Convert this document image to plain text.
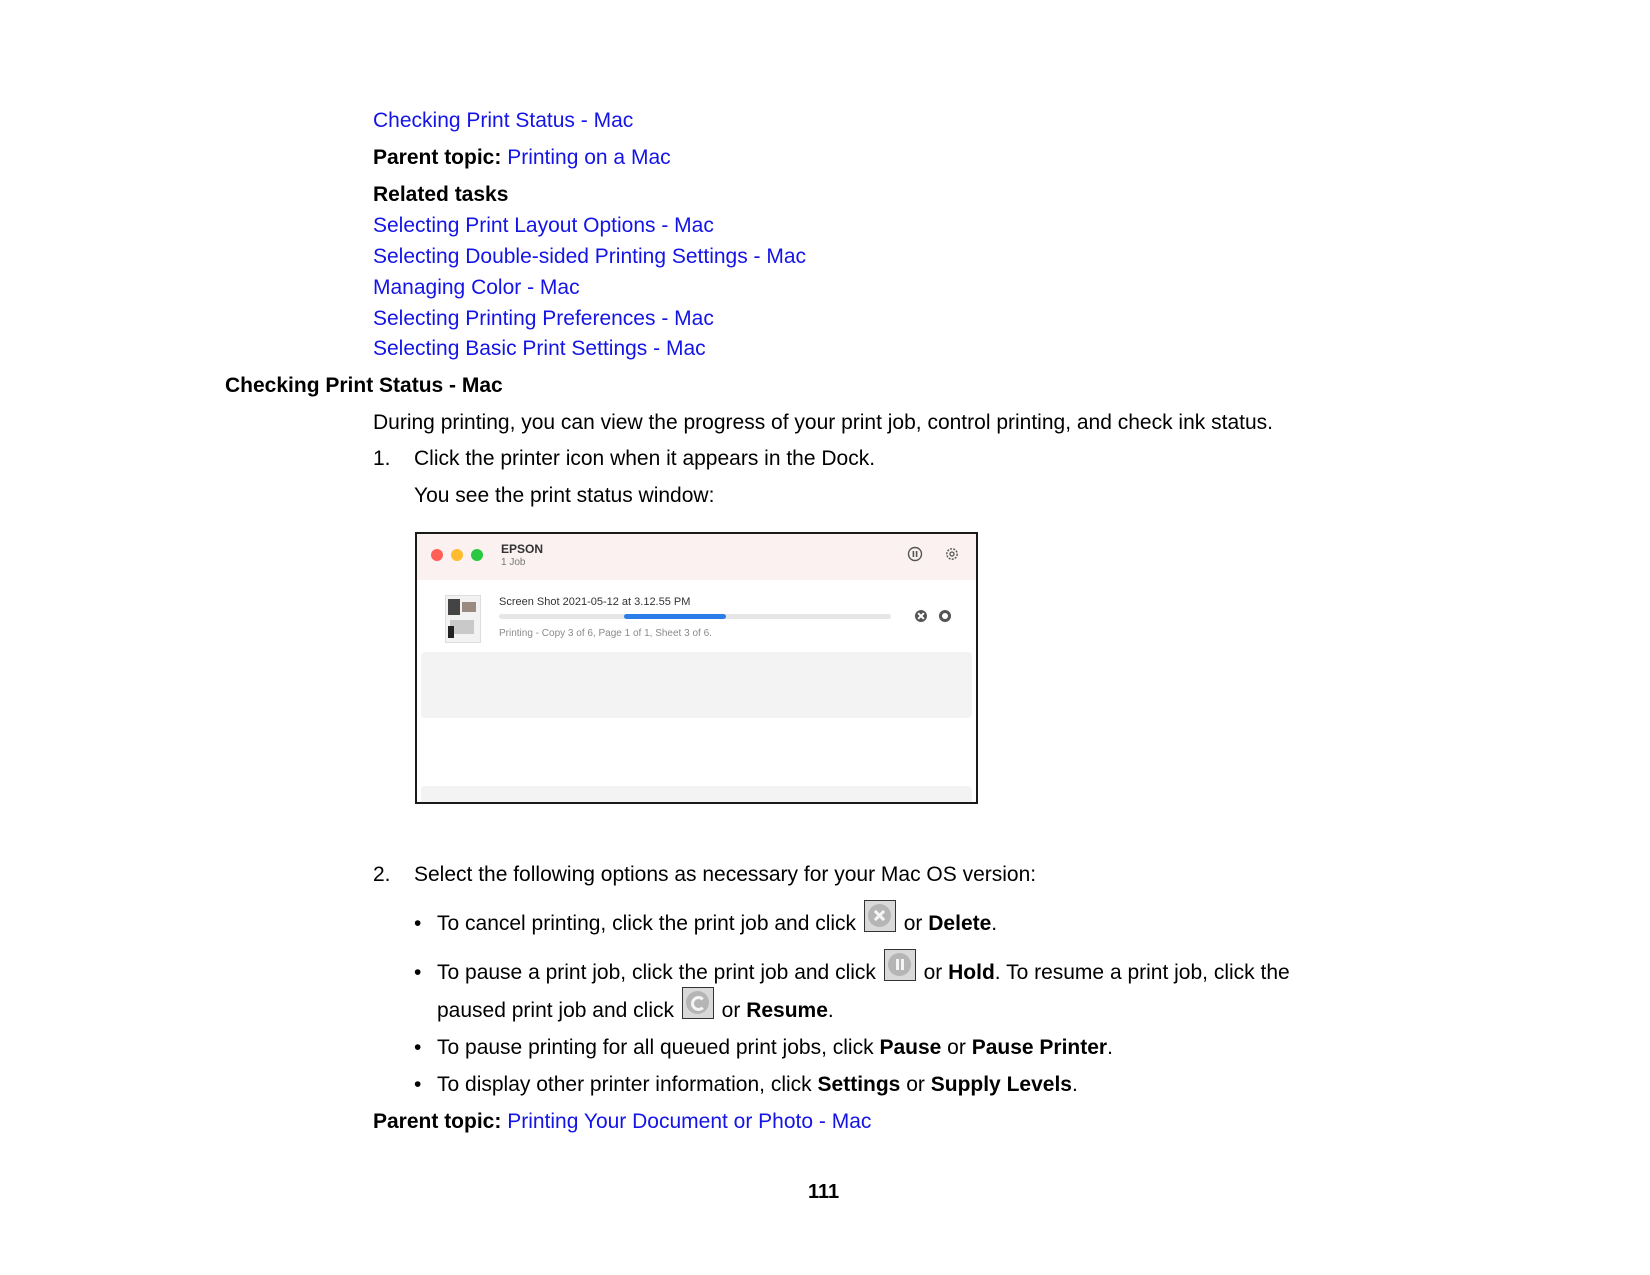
Checking Print Status - Mac
Parent topic: Printing on a Mac
Related tasks
Selecting Print Layout Options - Mac
Selecting Double-sided Printing Settings - Mac
Managing Color - Mac
Selecting Printing Preferences - Mac
Selecting Basic Print Settings - Mac
Checking Print Status - Mac
During printing, you can view the progress of your print job, control printing, and check ink status.
1. Click the printer icon when it appears in the Dock.
You see the print status window:
EPSON
1 Job
Screen Shot 2021-05-12 at 3.12.55 PM
Printing - Copy 3 of 6, Page 1 of 1, Sheet 3 of 6.
2. Select the following options as necessary for your Mac OS version:
• To cancel printing, click the print job and click or Delete.
• To pause a print job, click the print job and click or Hold. To resume a print job, click the
paused print job and click or Resume.
• To pause printing for all queued print jobs, click Pause or Pause Printer.
• To display other printer information, click Settings or Supply Levels.
Parent topic: Printing Your Document or Photo - Mac
111
